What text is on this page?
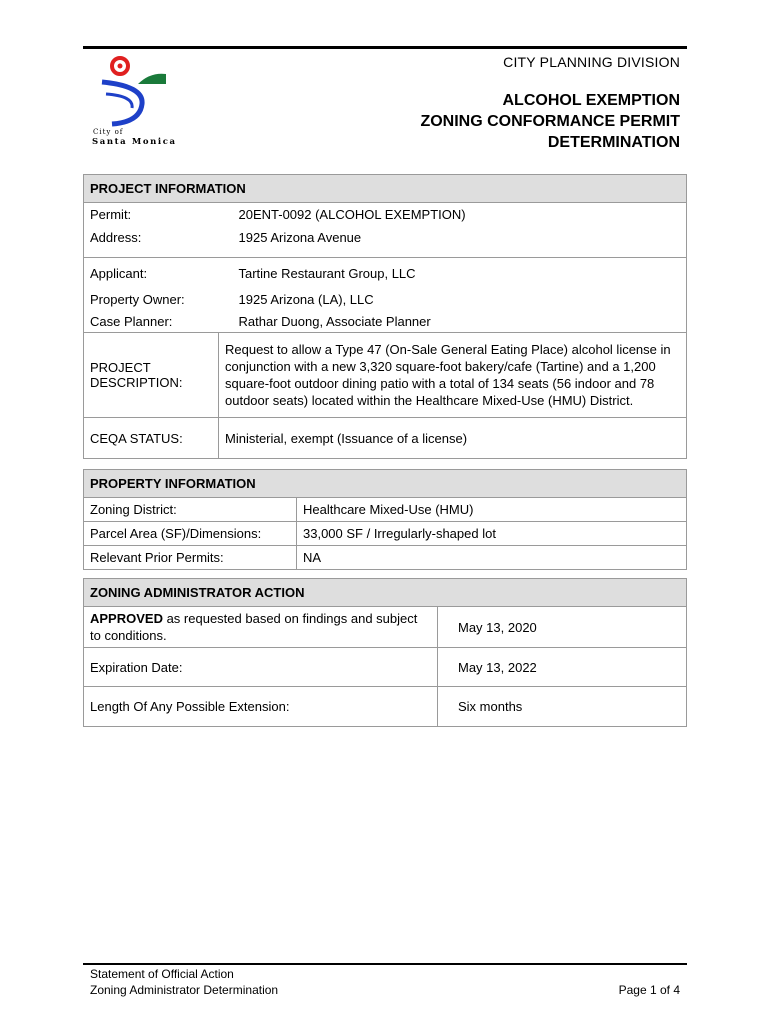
CITY PLANNING DIVISION
ALCOHOL EXEMPTION
ZONING CONFORMANCE PERMIT
DETERMINATION
City of
Santa Monica
PROJECT INFORMATION	
Permit:	20ENT-0092 (ALCOHOL EXEMPTION)
Address:	1925 Arizona Avenue
Applicant:	Tartine Restaurant Group, LLC
Property Owner:	1925 Arizona (LA), LLC
Case Planner:	Rathar Duong, Associate Planner

PROJECT
DESCRIPTION:	Request to allow a Type 47 (On-Sale General Eating Place) alcohol license in conjunction with a new 3,320 square-foot bakery/cafe (Tartine) and a 1,200 square-foot outdoor dining patio with a total of 134 seats (56 indoor and 78 outdoor seats) located within the Healthcare Mixed-Use (HMU) District.
CEQA STATUS:	Ministerial, exempt (Issuance of a license)
PROPERTY INFORMATION	
Zoning District:	Healthcare Mixed-Use (HMU)
Parcel Area (SF)/Dimensions:	33,000 SF / Irregularly-shaped lot
Relevant Prior Permits:	NA
ZONING ADMINISTRATOR ACTION	
APPROVED as requested based on findings and subject to conditions.	May 13, 2020
Expiration Date:	May 13, 2022
Length Of Any Possible Extension:	Six months
Statement of Official Action
Zoning Administrator Determination	Page 1 of 4
